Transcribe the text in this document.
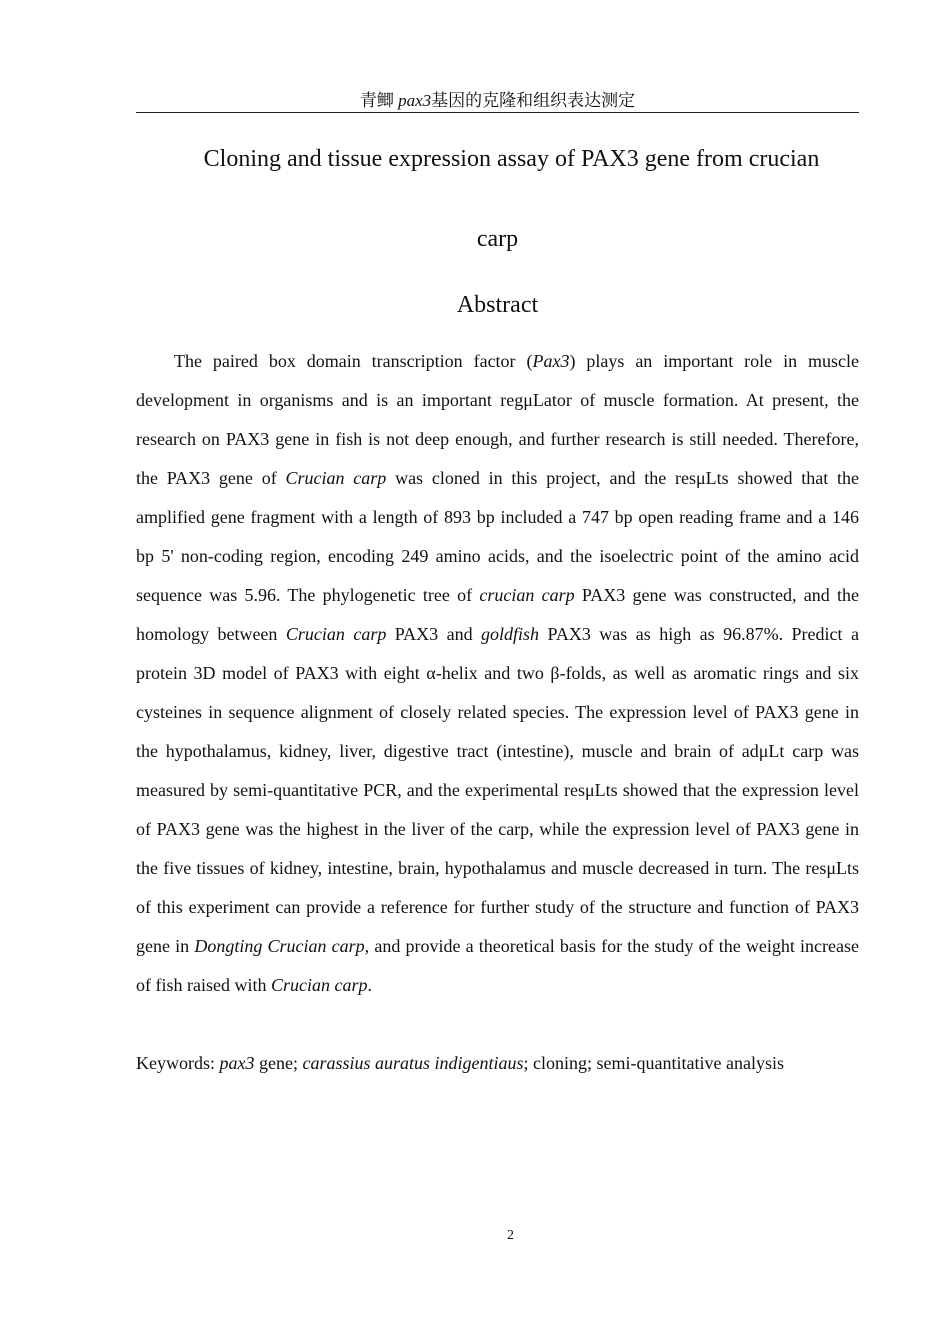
青鲫 pax3基因的克隆和组织表达测定
Cloning and tissue expression assay of PAX3 gene from crucian
carp
Abstract
The paired box domain transcription factor (Pax3) plays an important role in muscle development in organisms and is an important regμLator of muscle formation. At present, the research on PAX3 gene in fish is not deep enough, and further research is still needed. Therefore, the PAX3 gene of Crucian carp was cloned in this project, and the resμLts showed that the amplified gene fragment with a length of 893 bp included a 747 bp open reading frame and a 146 bp 5' non-coding region, encoding 249 amino acids, and the isoelectric point of the amino acid sequence was 5.96. The phylogenetic tree of crucian carp PAX3 gene was constructed, and the homology between Crucian carp PAX3 and goldfish PAX3 was as high as 96.87%. Predict a protein 3D model of PAX3 with eight α-helix and two β-folds, as well as aromatic rings and six cysteines in sequence alignment of closely related species. The expression level of PAX3 gene in the hypothalamus, kidney, liver, digestive tract (intestine), muscle and brain of adμLt carp was measured by semi-quantitative PCR, and the experimental resμLts showed that the expression level of PAX3 gene was the highest in the liver of the carp, while the expression level of PAX3 gene in the five tissues of kidney, intestine, brain, hypothalamus and muscle decreased in turn. The resμLts of this experiment can provide a reference for further study of the structure and function of PAX3 gene in Dongting Crucian carp, and provide a theoretical basis for the study of the weight increase of fish raised with Crucian carp.
Keywords: pax3 gene; carassius auratus indigentiaus; cloning; semi-quantitative analysis
2
